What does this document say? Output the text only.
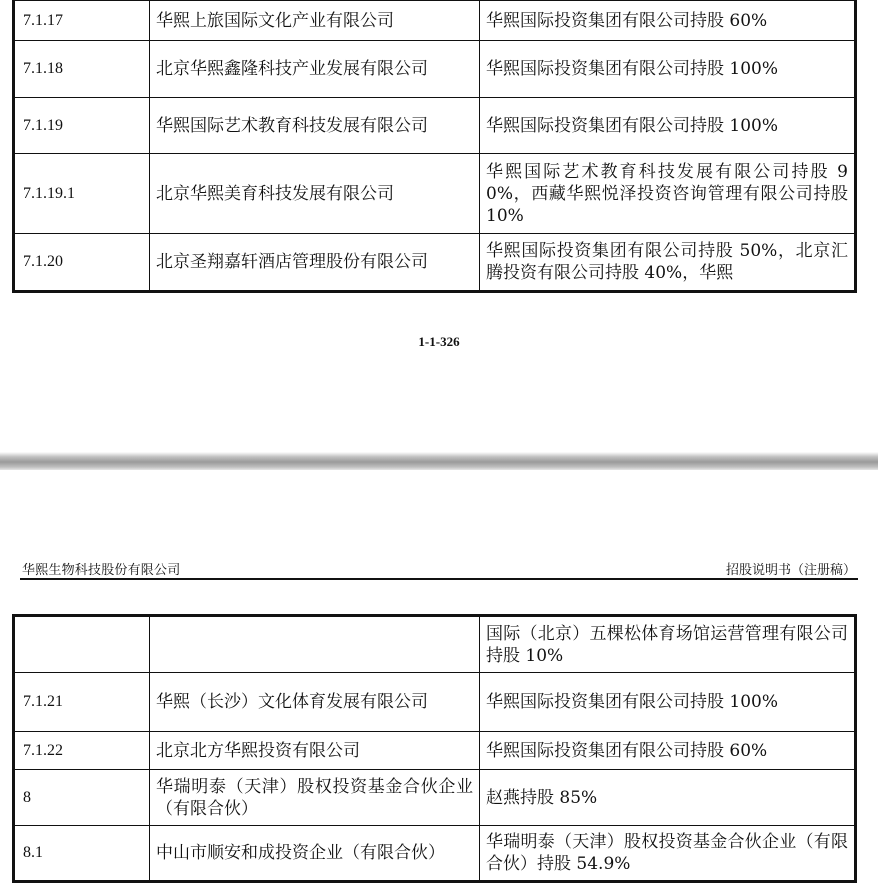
7.1.17	华熙上旅国际文化产业有限公司	华熙国际投资集团有限公司持股 60%
7.1.18	北京华熙鑫隆科技产业发展有限公司	华熙国际投资集团有限公司持股 100%
7.1.19	华熙国际艺术教育科技发展有限公司	华熙国际投资集团有限公司持股 100%
7.1.19.1	北京华熙美育科技发展有限公司	华熙国际艺术教育科技发展有限公司持股 90%，西藏华熙悦泽投资咨询管理有限公司持股 10%
7.1.20	北京圣翔嘉轩酒店管理股份有限公司	华熙国际投资集团有限公司持股 50%，北京汇腾投资有限公司持股 40%，华熙
1-1-326
华熙生物科技股份有限公司	招股说明书（注册稿）
		国际（北京）五棵松体育场馆运营管理有限公司持股 10%
7.1.21	华熙（长沙）文化体育发展有限公司	华熙国际投资集团有限公司持股 100%
7.1.22	北京北方华熙投资有限公司	华熙国际投资集团有限公司持股 60%
8	华瑞明泰（天津）股权投资基金合伙企业（有限合伙）	赵燕持股 85%
8.1	中山市顺安和成投资企业（有限合伙）	华瑞明泰（天津）股权投资基金合伙企业（有限合伙）持股 54.9%
